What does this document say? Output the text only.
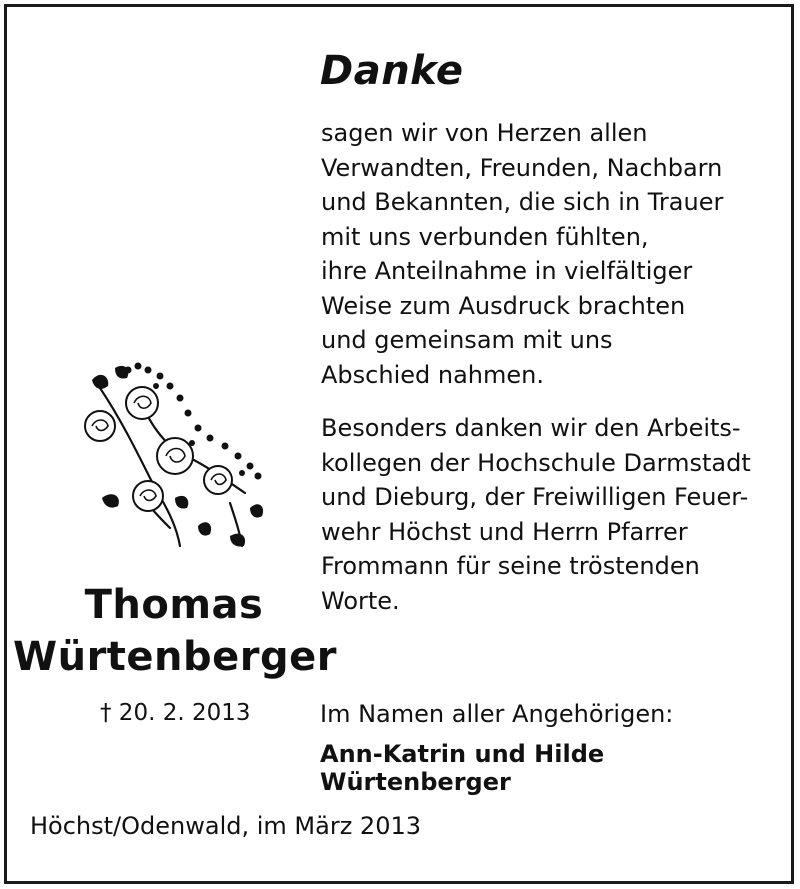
Danke
sagen wir von Herzen allen
Verwandten, Freunden, Nachbarn
und Bekannten, die sich in Trauer
mit uns verbunden fühlten,
ihre Anteilnahme in vielfältiger
Weise zum Ausdruck brachten
und gemeinsam mit uns
Abschied nahmen.
Besonders danken wir den Arbeits-
kollegen der Hochschule Darmstadt
und Dieburg, der Freiwilligen Feuer-
wehr Höchst und Herrn Pfarrer
Frommann für seine tröstenden
Worte.
Thomas
Würtenberger
† 20. 2. 2013	Im Namen aller Angehörigen:
Ann-Katrin und Hilde Würtenberger
Höchst/Odenwald, im März 2013
